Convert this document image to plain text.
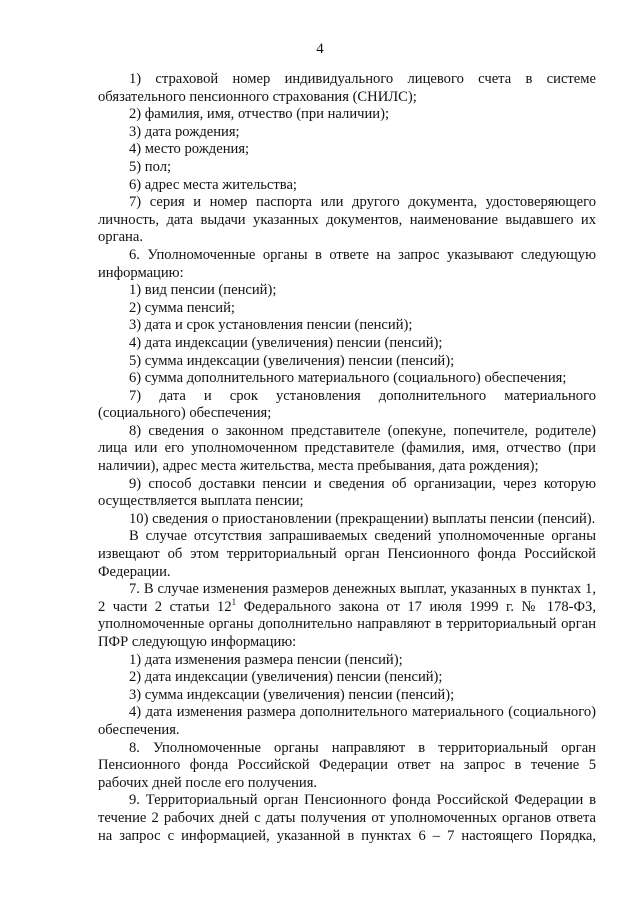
4

1) страховой номер индивидуального лицевого счета в системе обязательного пенсионного страхования (СНИЛС);

2) фамилия, имя, отчество (при наличии);

3) дата рождения;

4) место рождения;

5) пол;

6) адрес места жительства;

7) серия и номер паспорта или другого документа, удостоверяющего личность, дата выдачи указанных документов, наименование выдавшего их органа.

6. Уполномоченные органы в ответе на запрос указывают следующую информацию:

1) вид пенсии (пенсий);

2) сумма пенсий;

3) дата и срок установления пенсии (пенсий);

4) дата индексации (увеличения) пенсии (пенсий);

5) сумма индексации (увеличения) пенсии (пенсий);

6) сумма дополнительного материального (социального) обеспечения;

7) дата и срок установления дополнительного материального (социального) обеспечения;

8) сведения о законном представителе (опекуне, попечителе, родителе) лица или его уполномоченном представителе (фамилия, имя, отчество (при наличии), адрес места жительства, места пребывания, дата рождения);

9) способ доставки пенсии и сведения об организации, через которую осуществляется выплата пенсии;

10) сведения о приостановлении (прекращении) выплаты пенсии (пенсий).

В случае отсутствия запрашиваемых сведений уполномоченные органы извещают об этом территориальный орган Пенсионного фонда Российской Федерации.

7. В случае изменения размеров денежных выплат, указанных в пунктах 1, 2 части 2 статьи $12^1$ Федерального закона от 17 июля 1999 г. № 178-ФЗ, уполномоченные органы дополнительно направляют в территориальный орган ПФР следующую информацию:

1) дата изменения размера пенсии (пенсий);

2) дата индексации (увеличения) пенсии (пенсий);

3) сумма индексации (увеличения) пенсии (пенсий);

4) дата изменения размера дополнительного материального (социального) обеспечения.

8. Уполномоченные органы направляют в территориальный орган Пенсионного фонда Российской Федерации ответ на запрос в течение 5 рабочих дней после его получения.

9. Территориальный орган Пенсионного фонда Российской Федерации в течение 2 рабочих дней с даты получения от уполномоченных органов ответа на запрос с информацией, указанной в пунктах 6 – 7 настоящего Порядка,
